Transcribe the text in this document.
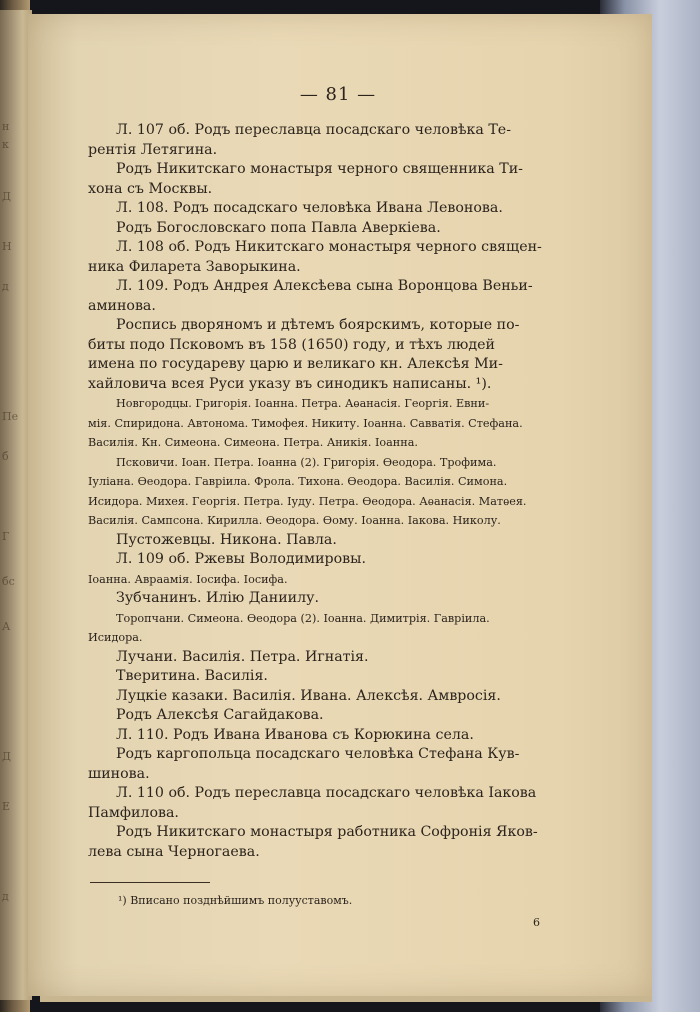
н
к
Д
Н
д
Пе
б
Г
бс
А
Д
Е
д
— 81 —
Л. 107 об. Родъ переславца посадскаго человѣка Те-
рентія Летягина.
Родъ Никитскаго монастыря черного священника Ти-
хона съ Москвы.
Л. 108. Родъ посадскаго человѣка Ивана Левонова.
Родъ Богословскаго попа Павла Аверкіева.
Л. 108 об. Родъ Никитскаго монастыря черного священ-
ника Филарета Заворыкина.
Л. 109. Родъ Андрея Алексѣева сына Воронцова Веньи-
аминова.
Роспись дворяномъ и дѣтемъ боярскимъ, которые по-
биты подо Псковомъ въ 158 (1650) году, и тѣхъ людей
имена по государеву царю и великаго кн. Алексѣя Ми-
хайловича всея Руси указу въ синодикъ написаны. ¹).
Новгородцы. Григорія. Іоанна. Петра. Аѳанасія. Георгія. Евни-
мія. Спиридона. Автонома. Тимофея. Никиту. Іоанна. Савватія. Стефана.
Василія. Кн. Симеона. Симеона. Петра. Аникія. Іоанна.
Псковичи. Іоан. Петра. Іоанна (2). Григорія. Ѳеодора. Трофима.
Іуліана. Ѳеодора. Гавріила. Фрола. Тихона. Ѳеодора. Василія. Симона.
Исидора. Михея. Георгія. Петра. Іуду. Петра. Ѳеодора. Аѳанасія. Матѳея.
Василія. Сампсона. Кирилла. Ѳеодора. Ѳому. Іоанна. Іакова. Николу.
Пустожевцы. Никона. Павла.
Л. 109 об. Ржевы Володимировы.
Іоанна. Авраамія. Іосифа. Іосифа.
Зубчанинъ. Илію Даниилу.
Торопчани. Симеона. Ѳеодора (2). Іоанна. Димитрія. Гавріила.
Исидора.
Лучани. Василія. Петра. Игнатія.
Тверитина. Василія.
Луцкіе казаки. Василія. Ивана. Алексѣя. Амвросія.
Родъ Алексѣя Сагайдакова.
Л. 110. Родъ Ивана Иванова съ Корюкина села.
Родъ каргопольца посадскаго человѣка Стефана Кув-
шинова.
Л. 110 об. Родъ переславца посадскаго человѣка Іакова
Памфилова.
Родъ Никитскаго монастыря работника Софронія Яков-
лева сына Черногаева.
¹) Вписано позднѣйшимъ полууставомъ.
6
